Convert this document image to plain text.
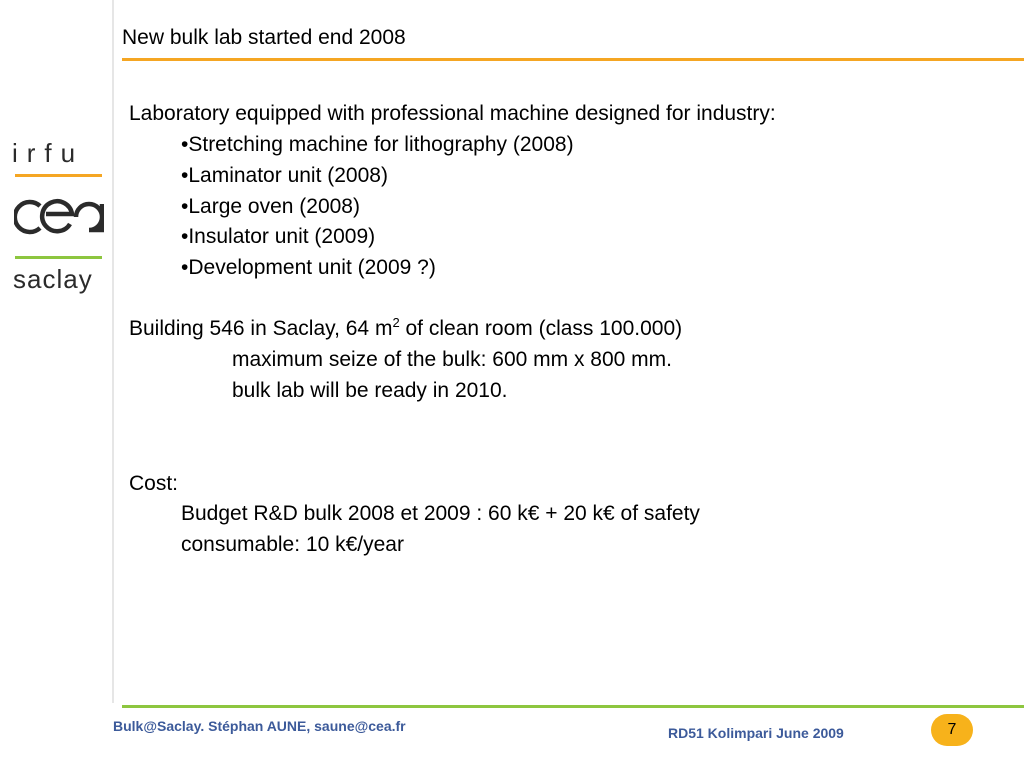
New bulk lab started end 2008
irfu
saclay
Laboratory equipped with professional machine designed for industry:
•Stretching machine for lithography (2008)
•Laminator unit (2008)
•Large oven (2008)
•Insulator unit (2009)
•Development unit (2009 ?)
Building 546 in Saclay, 64 $m^2$ of clean room (class 100.000)
maximum seize of the bulk: 600 mm x 800 mm.
bulk lab will be ready in 2010.
Cost:
Budget R&D bulk 2008 et 2009 : 60 k€ + 20 k€ of safety
consumable: 10 k€/year
Bulk@Saclay. Stéphan AUNE, saune@cea.fr	RD51 Kolimpari June 2009	7
